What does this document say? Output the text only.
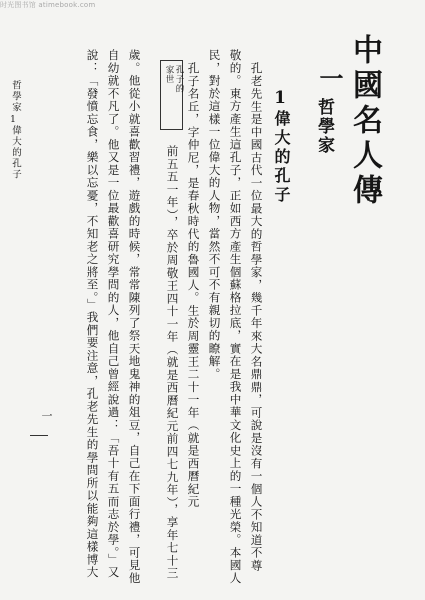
时光图书馆 atimebook.com
中國名人傳
一
哲學家
1
偉大的孔子
孔老先生是中國古代一位最大的哲學家，幾千年來大名鼎鼎，可說是沒有一個人不知道不尊
敬的。東方產生這孔子，正如西方產生個蘇格拉底，實在是我中華文化史上的一種光榮。本國人
民，對於這樣一位偉大的人物，當然不可不有親切的瞭解。
孔子名丘，字仲尼，是春秋時代的魯國人。生於周靈王二十一年（就是西曆紀元
前五五一年），卒於周敬王四十一年（就是西曆紀元前四七九年），享年七十三
歲。他從小就喜歡習禮，遊戲的時候，常常陳列了祭天地鬼神的俎豆，自己在下面行禮，可見他
自幼就不凡了。他又是一位最歡喜研究學問的人，他自己曾經說過：「吾十有五而志於學。」又
說：「發憤忘食，樂以忘憂，不知老之將至。」我們要注意，孔老先生的學問所以能夠這樣博大	孔子的
家世
哲學家
1
偉大的孔子
一
